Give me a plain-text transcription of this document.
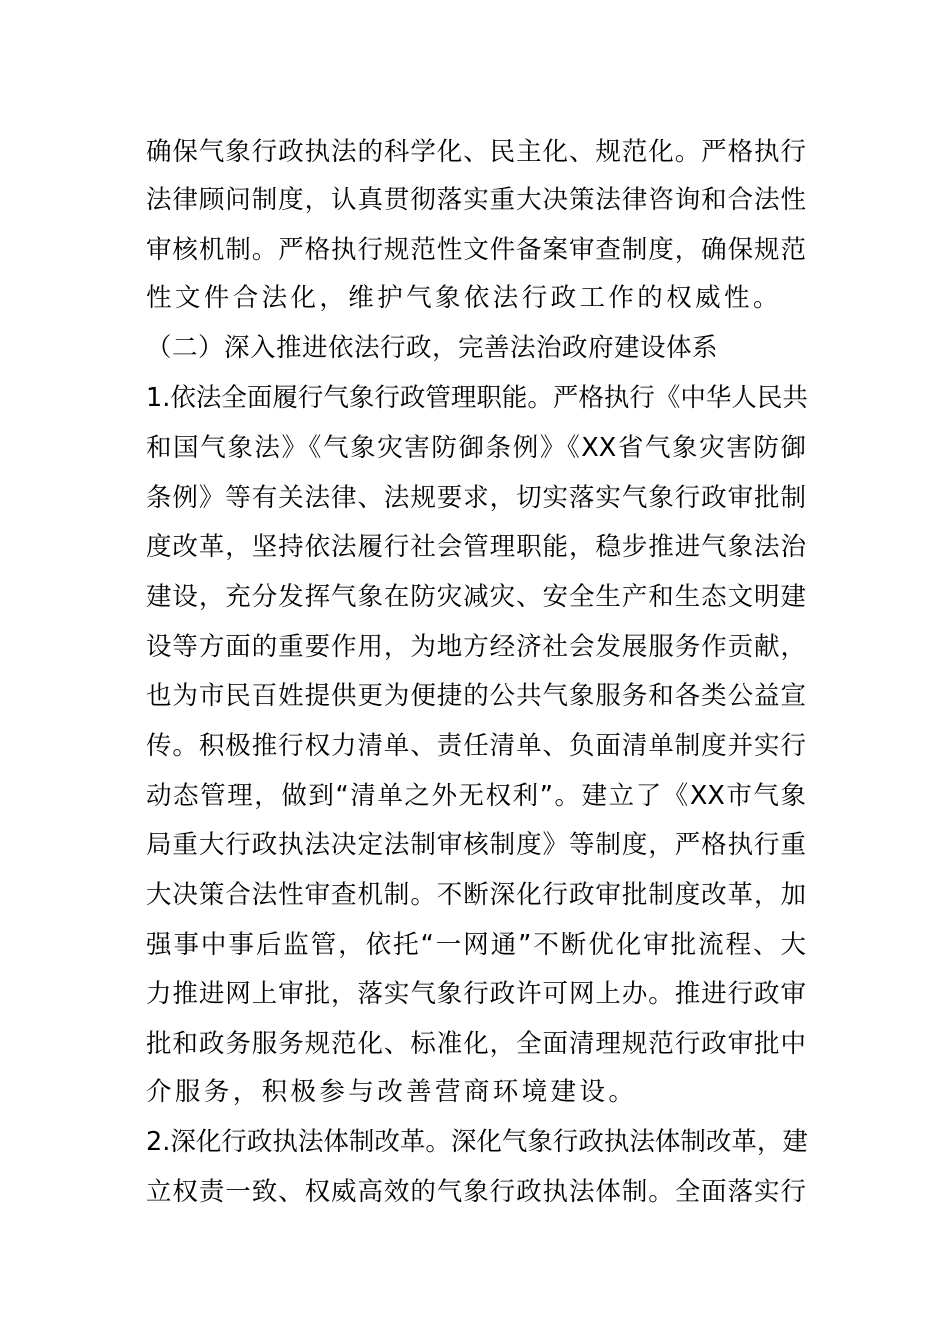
确保气象行政执法的科学化、民主化、规范化。严格执行
法律顾问制度，认真贯彻落实重大决策法律咨询和合法性
审核机制。严格执行规范性文件备案审查制度，确保规范
性文件合法化，维护气象依法行政工作的权威性。
（二）深入推进依法行政，完善法治政府建设体系
1.依法全面履行气象行政管理职能。严格执行《中华人民共
和国气象法》《气象灾害防御条例》《XX省气象灾害防御
条例》等有关法律、法规要求，切实落实气象行政审批制
度改革，坚持依法履行社会管理职能，稳步推进气象法治
建设，充分发挥气象在防灾减灾、安全生产和生态文明建
设等方面的重要作用，为地方经济社会发展服务作贡献，
也为市民百姓提供更为便捷的公共气象服务和各类公益宣
传。积极推行权力清单、责任清单、负面清单制度并实行
动态管理，做到“清单之外无权利”。建立了《XX市气象
局重大行政执法决定法制审核制度》等制度，严格执行重
大决策合法性审查机制。不断深化行政审批制度改革，加
强事中事后监管，依托“一网通”不断优化审批流程、大
力推进网上审批，落实气象行政许可网上办。推进行政审
批和政务服务规范化、标准化，全面清理规范行政审批中
介服务，积极参与改善营商环境建设。
2.深化行政执法体制改革。深化气象行政执法体制改革，建
立权责一致、权威高效的气象行政执法体制。全面落实行
